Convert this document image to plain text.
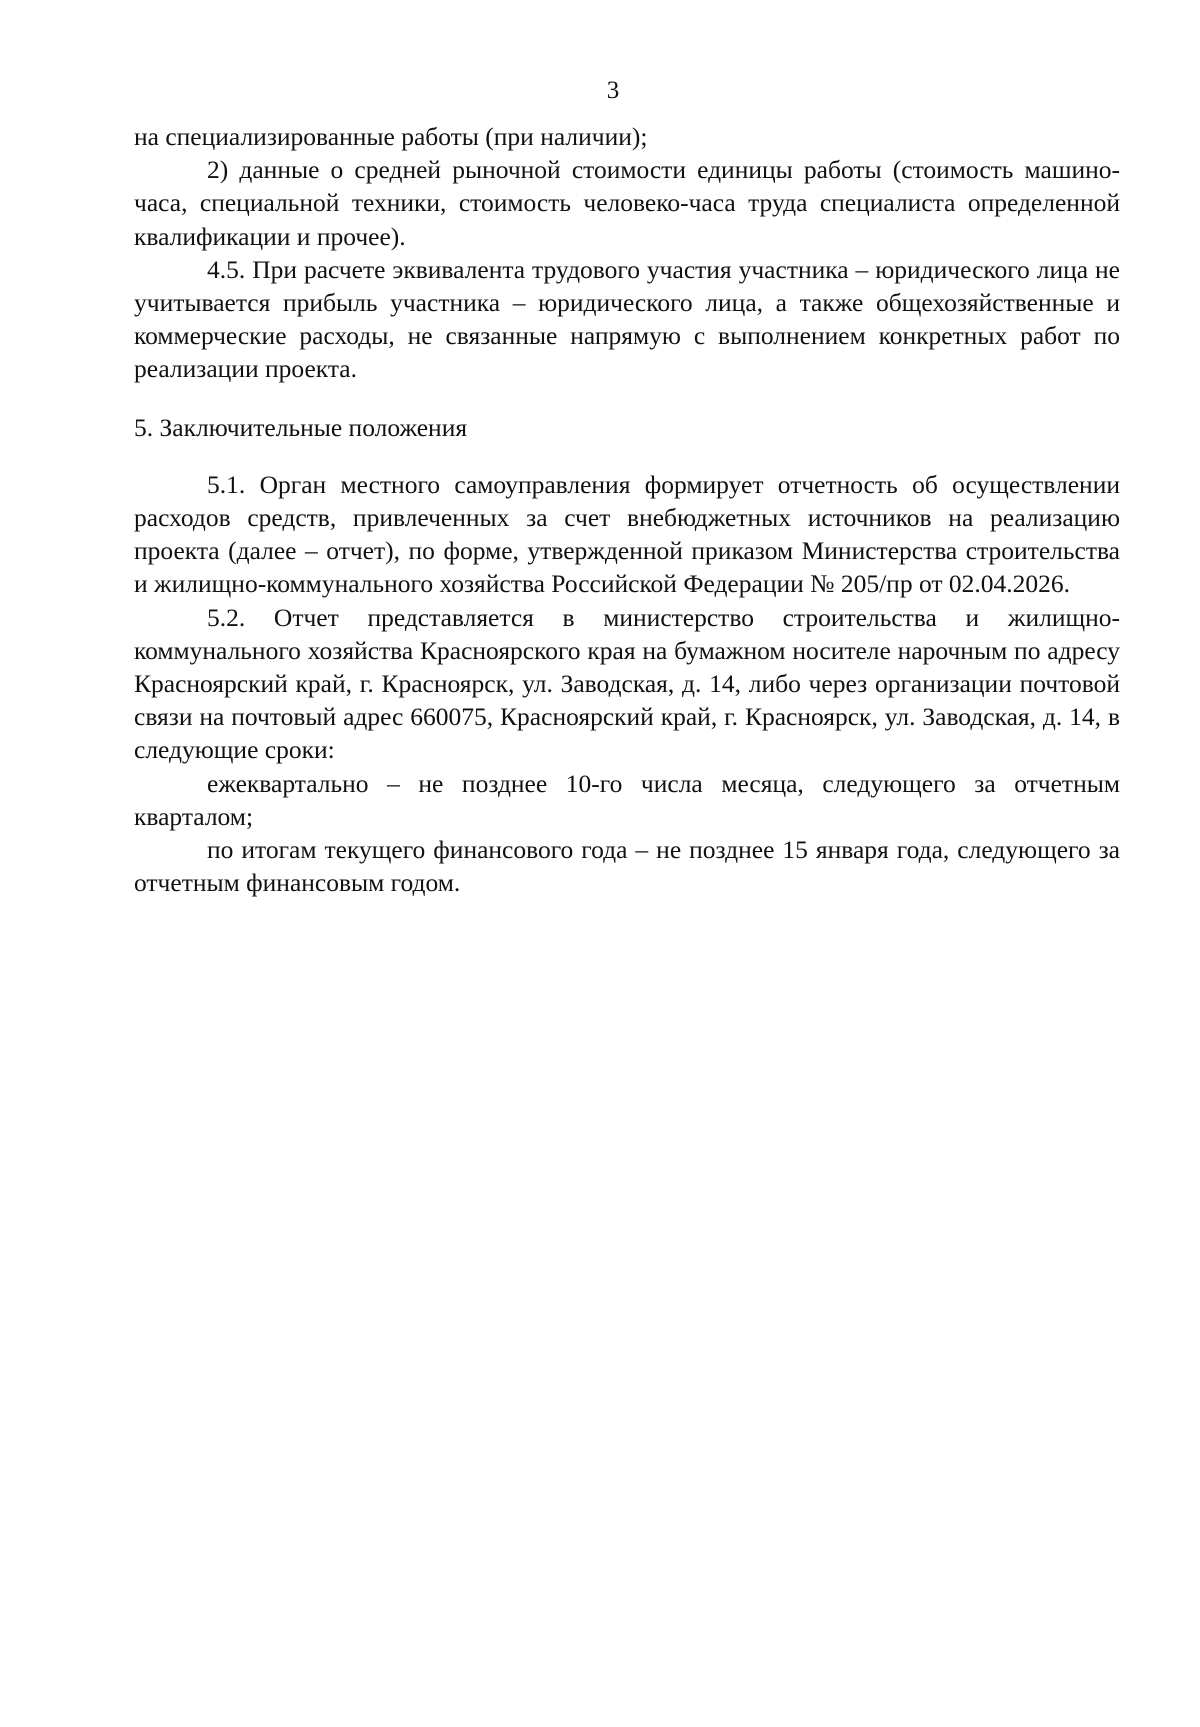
3

на специализированные работы (при наличии);

2) данные о средней рыночной стоимости единицы работы (стоимость машино-часа, специальной техники, стоимость человеко-часа труда специалиста определенной квалификации и прочее).

4.5. При расчете эквивалента трудового участия участника – юридического лица не учитывается прибыль участника – юридического лица, а также общехозяйственные и коммерческие расходы, не связанные напрямую с выполнением конкретных работ по реализации проекта.

5. Заключительные положения

5.1. Орган местного самоуправления формирует отчетность об осуществлении расходов средств, привлеченных за счет внебюджетных источников на реализацию проекта (далее – отчет), по форме, утвержденной приказом Министерства строительства и жилищно-коммунального хозяйства Российской Федерации № 205/пр от 02.04.2026.

5.2. Отчет представляется в министерство строительства и жилищно-коммунального хозяйства Красноярского края на бумажном носителе нарочным по адресу Красноярский край, г. Красноярск, ул. Заводская, д. 14, либо через организации почтовой связи на почтовый адрес 660075, Красноярский край, г. Красноярск, ул. Заводская, д. 14, в следующие сроки:

ежеквартально – не позднее 10-го числа месяца, следующего за отчетным кварталом;

по итогам текущего финансового года – не позднее 15 января года, следующего за отчетным финансовым годом.
